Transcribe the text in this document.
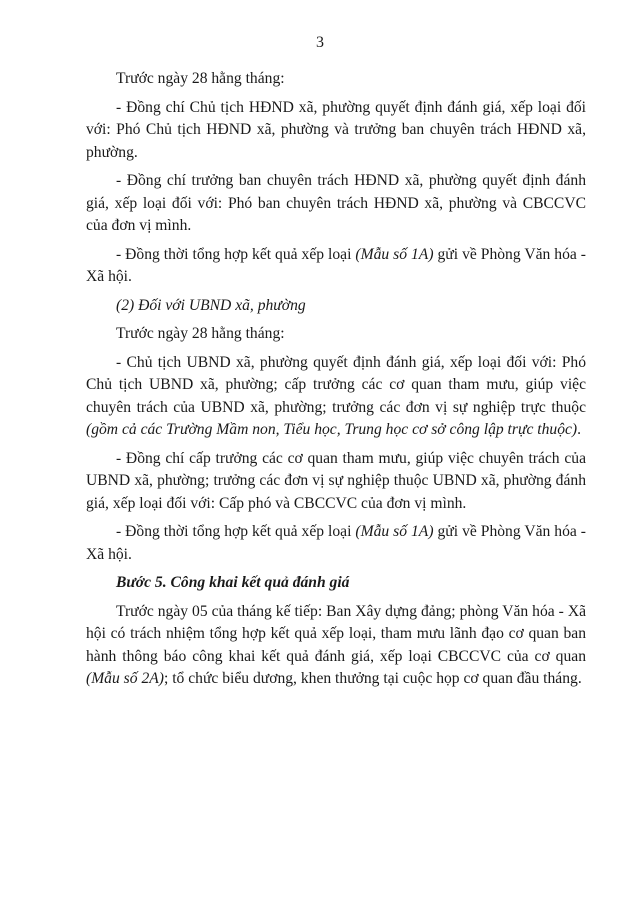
3

Trước ngày 28 hằng tháng:

- Đồng chí Chủ tịch HĐND xã, phường quyết định đánh giá, xếp loại đối với: Phó Chủ tịch HĐND xã, phường và trưởng ban chuyên trách HĐND xã, phường.

- Đồng chí trưởng ban chuyên trách HĐND xã, phường quyết định đánh giá, xếp loại đối với: Phó ban chuyên trách HĐND xã, phường và CBCCVC của đơn vị mình.

- Đồng thời tổng hợp kết quả xếp loại (Mẫu số 1A) gửi về Phòng Văn hóa - Xã hội.

(2) Đối với UBND xã, phường

Trước ngày 28 hằng tháng:

- Chủ tịch UBND xã, phường quyết định đánh giá, xếp loại đối với: Phó Chủ tịch UBND xã, phường; cấp trưởng các cơ quan tham mưu, giúp việc chuyên trách của UBND xã, phường; trưởng các đơn vị sự nghiệp trực thuộc (gồm cả các Trường Mầm non, Tiểu học, Trung học cơ sở công lập trực thuộc).

- Đồng chí cấp trưởng các cơ quan tham mưu, giúp việc chuyên trách của UBND xã, phường; trưởng các đơn vị sự nghiệp thuộc UBND xã, phường đánh giá, xếp loại đối với: Cấp phó và CBCCVC của đơn vị mình.

- Đồng thời tổng hợp kết quả xếp loại (Mẫu số 1A) gửi về Phòng Văn hóa - Xã hội.

Bước 5. Công khai kết quả đánh giá

Trước ngày 05 của tháng kế tiếp: Ban Xây dựng đảng; phòng Văn hóa - Xã hội có trách nhiệm tổng hợp kết quả xếp loại, tham mưu lãnh đạo cơ quan ban hành thông báo công khai kết quả đánh giá, xếp loại CBCCVC của cơ quan (Mẫu số 2A); tổ chức biểu dương, khen thưởng tại cuộc họp cơ quan đầu tháng.
